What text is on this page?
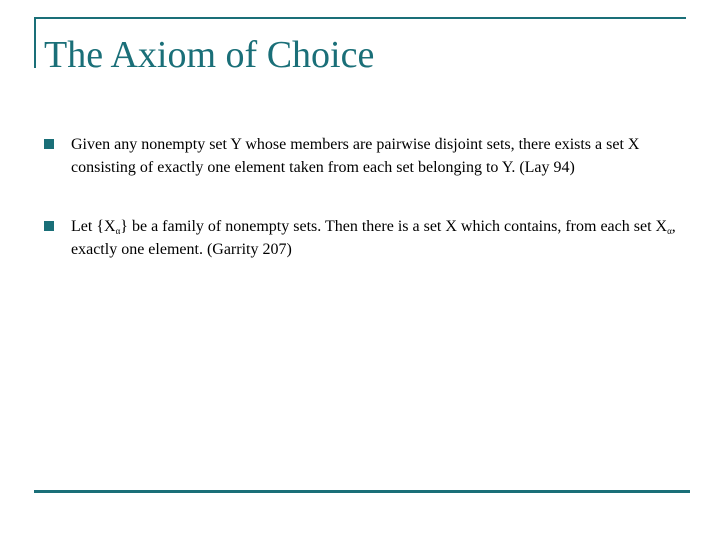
The Axiom of Choice
Given any nonempty set Y whose members are pairwise disjoint sets, there exists a set X consisting of exactly one element taken from each set belonging to Y. (Lay 94)
Let $\{X_\alpha\}$ be a family of nonempty sets. Then there is a set X which contains, from each set $X_\alpha$, exactly one element. (Garrity 207)
